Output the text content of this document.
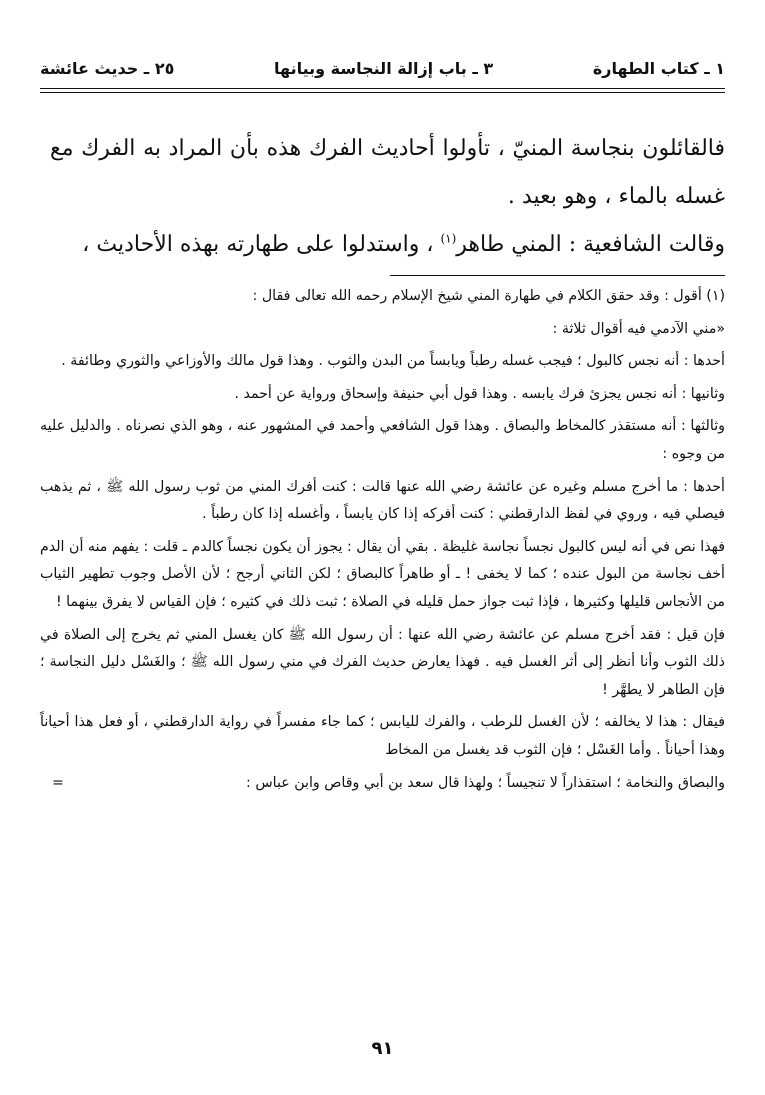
١ ـ كتاب الطهارة
٣ ـ باب إزالة النجاسة وبيانها
٢٥ ـ حديث عائشة

فالقائلون بنجاسة المنيّ ، تأولوا أحاديث الفرك هذه بأن المراد به الفرك مع غسله بالماء ، وهو بعيد .

وقالت الشافعية : المني طاهر$^{(١)}$ ، واستدلوا على طهارته بهذه الأحاديث ،

(١) أقول : وقد حقق الكلام في طهارة المني شيخ الإسلام رحمه الله تعالى فقال :

«مني الآدمي فيه أقوال ثلاثة :

أحدها : أنه نجس كالبول ؛ فيجب غسله رطباً ويابساً من البدن والثوب . وهذا قول مالك والأوزاعي والثوري وطائفة .

وثانيها : أنه نجس يجزئ فرك يابسه . وهذا قول أبي حنيفة وإسحاق ورواية عن أحمد .

وثالثها : أنه مستقذر كالمخاط والبصاق . وهذا قول الشافعي وأحمد في المشهور عنه ، وهو الذي نصرناه . والدليل عليه من وجوه :

أحدها : ما أخرج مسلم وغيره عن عائشة رضي الله عنها قالت : كنت أفرك المني من ثوب رسول الله ﷺ ، ثم يذهب فيصلي فيه ، وروي في لفظ الدارقطني : كنت أفركه إذا كان يابساً ، وأغسله إذا كان رطباً .

فهذا نص في أنه ليس كالبول نجساً نجاسة غليظة . بقي أن يقال : يجوز أن يكون نجساً كالدم ـ قلت : يفهم منه أن الدم أخف نجاسة من البول عنده ؛ كما لا يخفى ! ـ أو طاهراً كالبصاق ؛ لكن الثاني أرجح ؛ لأن الأصل وجوب تطهير الثياب من الأنجاس قليلها وكثيرها ، فإذا ثبت جواز حمل قليله في الصلاة ؛ ثبت ذلك في كثيره ؛ فإن القياس لا يفرق بينهما !

فإن قيل : فقد أخرج مسلم عن عائشة رضي الله عنها : أن رسول الله ﷺ كان يغسل المني ثم يخرج إلى الصلاة في ذلك الثوب وأنا أنظر إلى أثر الغسل فيه . فهذا يعارض حديث الفرك في مني رسول الله ﷺ ؛ والغَسْل دليل النجاسة ؛ فإن الطاهر لا يطهَّر !

فيقال : هذا لا يخالفه ؛ لأن الغسل للرطب ، والفرك لليابس ؛ كما جاء مفسراً في رواية الدارقطني ، أو فعل هذا أحياناً وهذا أحياناً . وأما الغَسْل ؛ فإن الثوب قد يغسل من المخاط

والبصاق والنخامة ؛ استقذاراً لا تنجيساً ؛ ولهذا قال سعد بن أبي وقاص وابن عباس :
=

٩١
